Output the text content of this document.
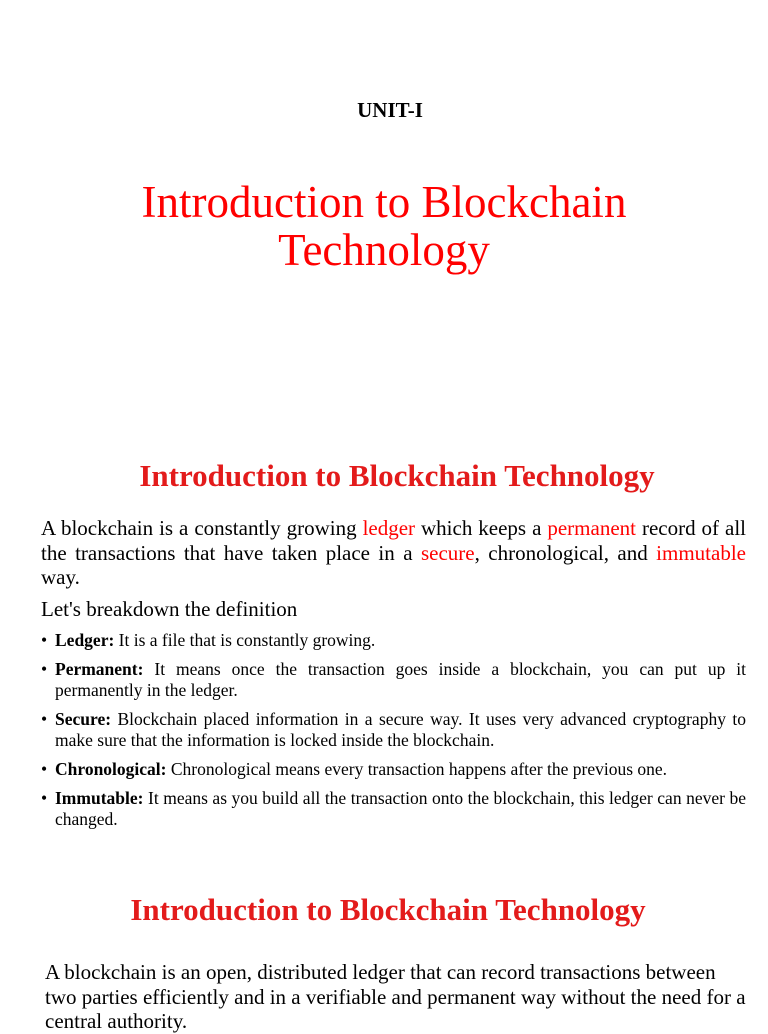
UNIT-I
Introduction to Blockchain
Technology
Introduction to Blockchain Technology
A blockchain is a constantly growing ledger which keeps a permanent record of all the transactions that have taken place in a secure, chronological, and immutable way.
Let's breakdown the definition
• Ledger: It is a file that is constantly growing.
• Permanent: It means once the transaction goes inside a blockchain, you can put up it permanently in the ledger.
• Secure: Blockchain placed information in a secure way. It uses very advanced cryptography to make sure that the information is locked inside the blockchain.
• Chronological: Chronological means every transaction happens after the previous one.
• Immutable: It means as you build all the transaction onto the blockchain, this ledger can never be changed.
Introduction to Blockchain Technology
A blockchain is an open, distributed ledger that can record transactions between two parties efficiently and in a verifiable and permanent way without the need for a central authority.
